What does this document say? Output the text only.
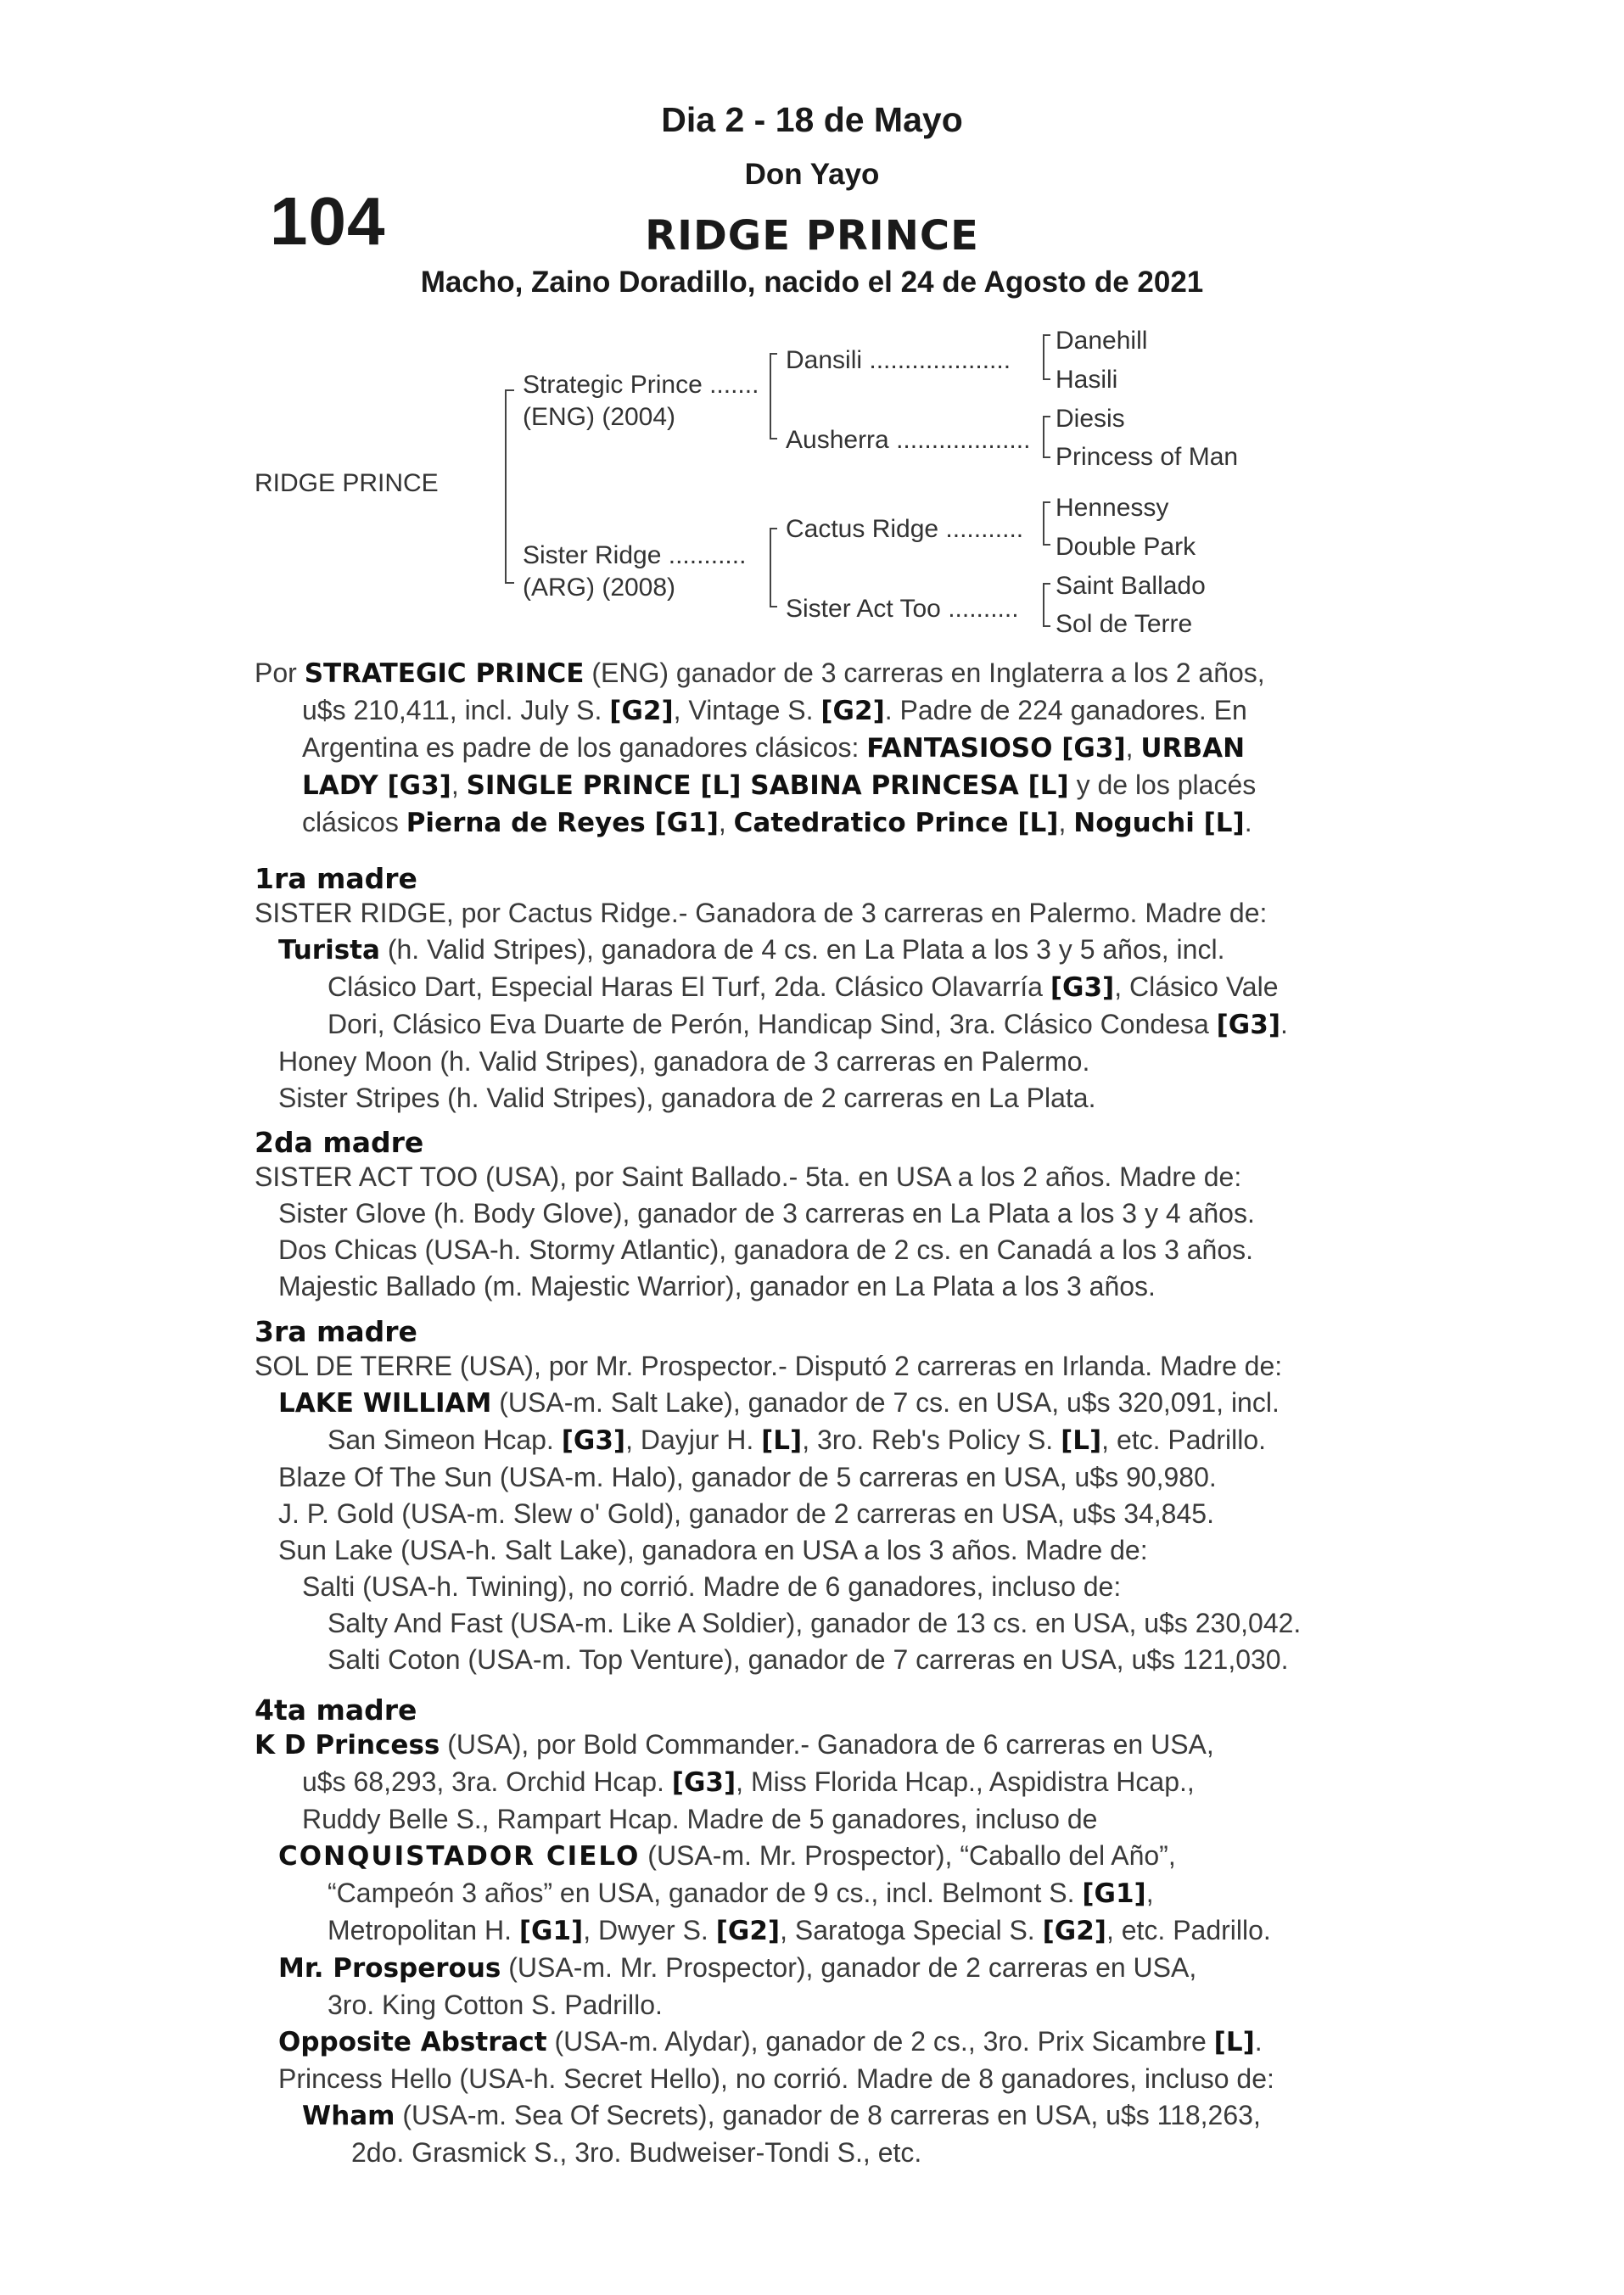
Dia 2 - 18 de Mayo
Don Yayo
104	RIDGE PRINCE
Macho, Zaino Doradillo, nacido el 24 de Agosto de 2021
RIDGE PRINCE
Strategic Prince .......
(ENG) (2004)
Sister Ridge ...........
(ARG) (2008)
Dansili ....................
Ausherra ...................
Cactus Ridge ...........
Sister Act Too ..........
Danehill
Hasili
Diesis
Princess of Man
Hennessy
Double Park
Saint Ballado
Sol de Terre
Por STRATEGIC PRINCE (ENG) ganador de 3 carreras en Inglaterra a los 2 años,
u$s 210,411, incl. July S. [G2], Vintage S. [G2]. Padre de 224 ganadores. En
Argentina es padre de los ganadores clásicos: FANTASIOSO [G3], URBAN
LADY [G3], SINGLE PRINCE [L] SABINA PRINCESA [L] y de los placés
clásicos Pierna de Reyes [G1], Catedratico Prince [L], Noguchi [L].
1ra madre
SISTER RIDGE, por Cactus Ridge.- Ganadora de 3 carreras en Palermo. Madre de:
Turista (h. Valid Stripes), ganadora de 4 cs. en La Plata a los 3 y 5 años, incl.
Clásico Dart, Especial Haras El Turf, 2da. Clásico Olavarría [G3], Clásico Vale
Dori, Clásico Eva Duarte de Perón, Handicap Sind, 3ra. Clásico Condesa [G3].
Honey Moon (h. Valid Stripes), ganadora de 3 carreras en Palermo.
Sister Stripes (h. Valid Stripes), ganadora de 2 carreras en La Plata.
2da madre
SISTER ACT TOO (USA), por Saint Ballado.- 5ta. en USA a los 2 años. Madre de:
Sister Glove (h. Body Glove), ganador de 3 carreras en La Plata a los 3 y 4 años.
Dos Chicas (USA-h. Stormy Atlantic), ganadora de 2 cs. en Canadá a los 3 años.
Majestic Ballado (m. Majestic Warrior), ganador en La Plata a los 3 años.
3ra madre
SOL DE TERRE (USA), por Mr. Prospector.- Disputó 2 carreras en Irlanda. Madre de:
LAKE WILLIAM (USA-m. Salt Lake), ganador de 7 cs. en USA, u$s 320,091, incl.
San Simeon Hcap. [G3], Dayjur H. [L], 3ro. Reb's Policy S. [L], etc. Padrillo.
Blaze Of The Sun (USA-m. Halo), ganador de 5 carreras en USA, u$s 90,980.
J. P. Gold (USA-m. Slew o' Gold), ganador de 2 carreras en USA, u$s 34,845.
Sun Lake (USA-h. Salt Lake), ganadora en USA a los 3 años. Madre de:
Salti (USA-h. Twining), no corrió. Madre de 6 ganadores, incluso de:
Salty And Fast (USA-m. Like A Soldier), ganador de 13 cs. en USA, u$s 230,042.
Salti Coton (USA-m. Top Venture), ganador de 7 carreras en USA, u$s 121,030.
4ta madre
K D Princess (USA), por Bold Commander.- Ganadora de 6 carreras en USA,
u$s 68,293, 3ra. Orchid Hcap. [G3], Miss Florida Hcap., Aspidistra Hcap.,
Ruddy Belle S., Rampart Hcap. Madre de 5 ganadores, incluso de
CONQUISTADOR CIELO (USA-m. Mr. Prospector), “Caballo del Año”,
“Campeón 3 años” en USA, ganador de 9 cs., incl. Belmont S. [G1],
Metropolitan H. [G1], Dwyer S. [G2], Saratoga Special S. [G2], etc. Padrillo.
Mr. Prosperous (USA-m. Mr. Prospector), ganador de 2 carreras en USA,
3ro. King Cotton S. Padrillo.
Opposite Abstract (USA-m. Alydar), ganador de 2 cs., 3ro. Prix Sicambre [L].
Princess Hello (USA-h. Secret Hello), no corrió. Madre de 8 ganadores, incluso de:
Wham (USA-m. Sea Of Secrets), ganador de 8 carreras en USA, u$s 118,263,
2do. Grasmick S., 3ro. Budweiser-Tondi S., etc.
